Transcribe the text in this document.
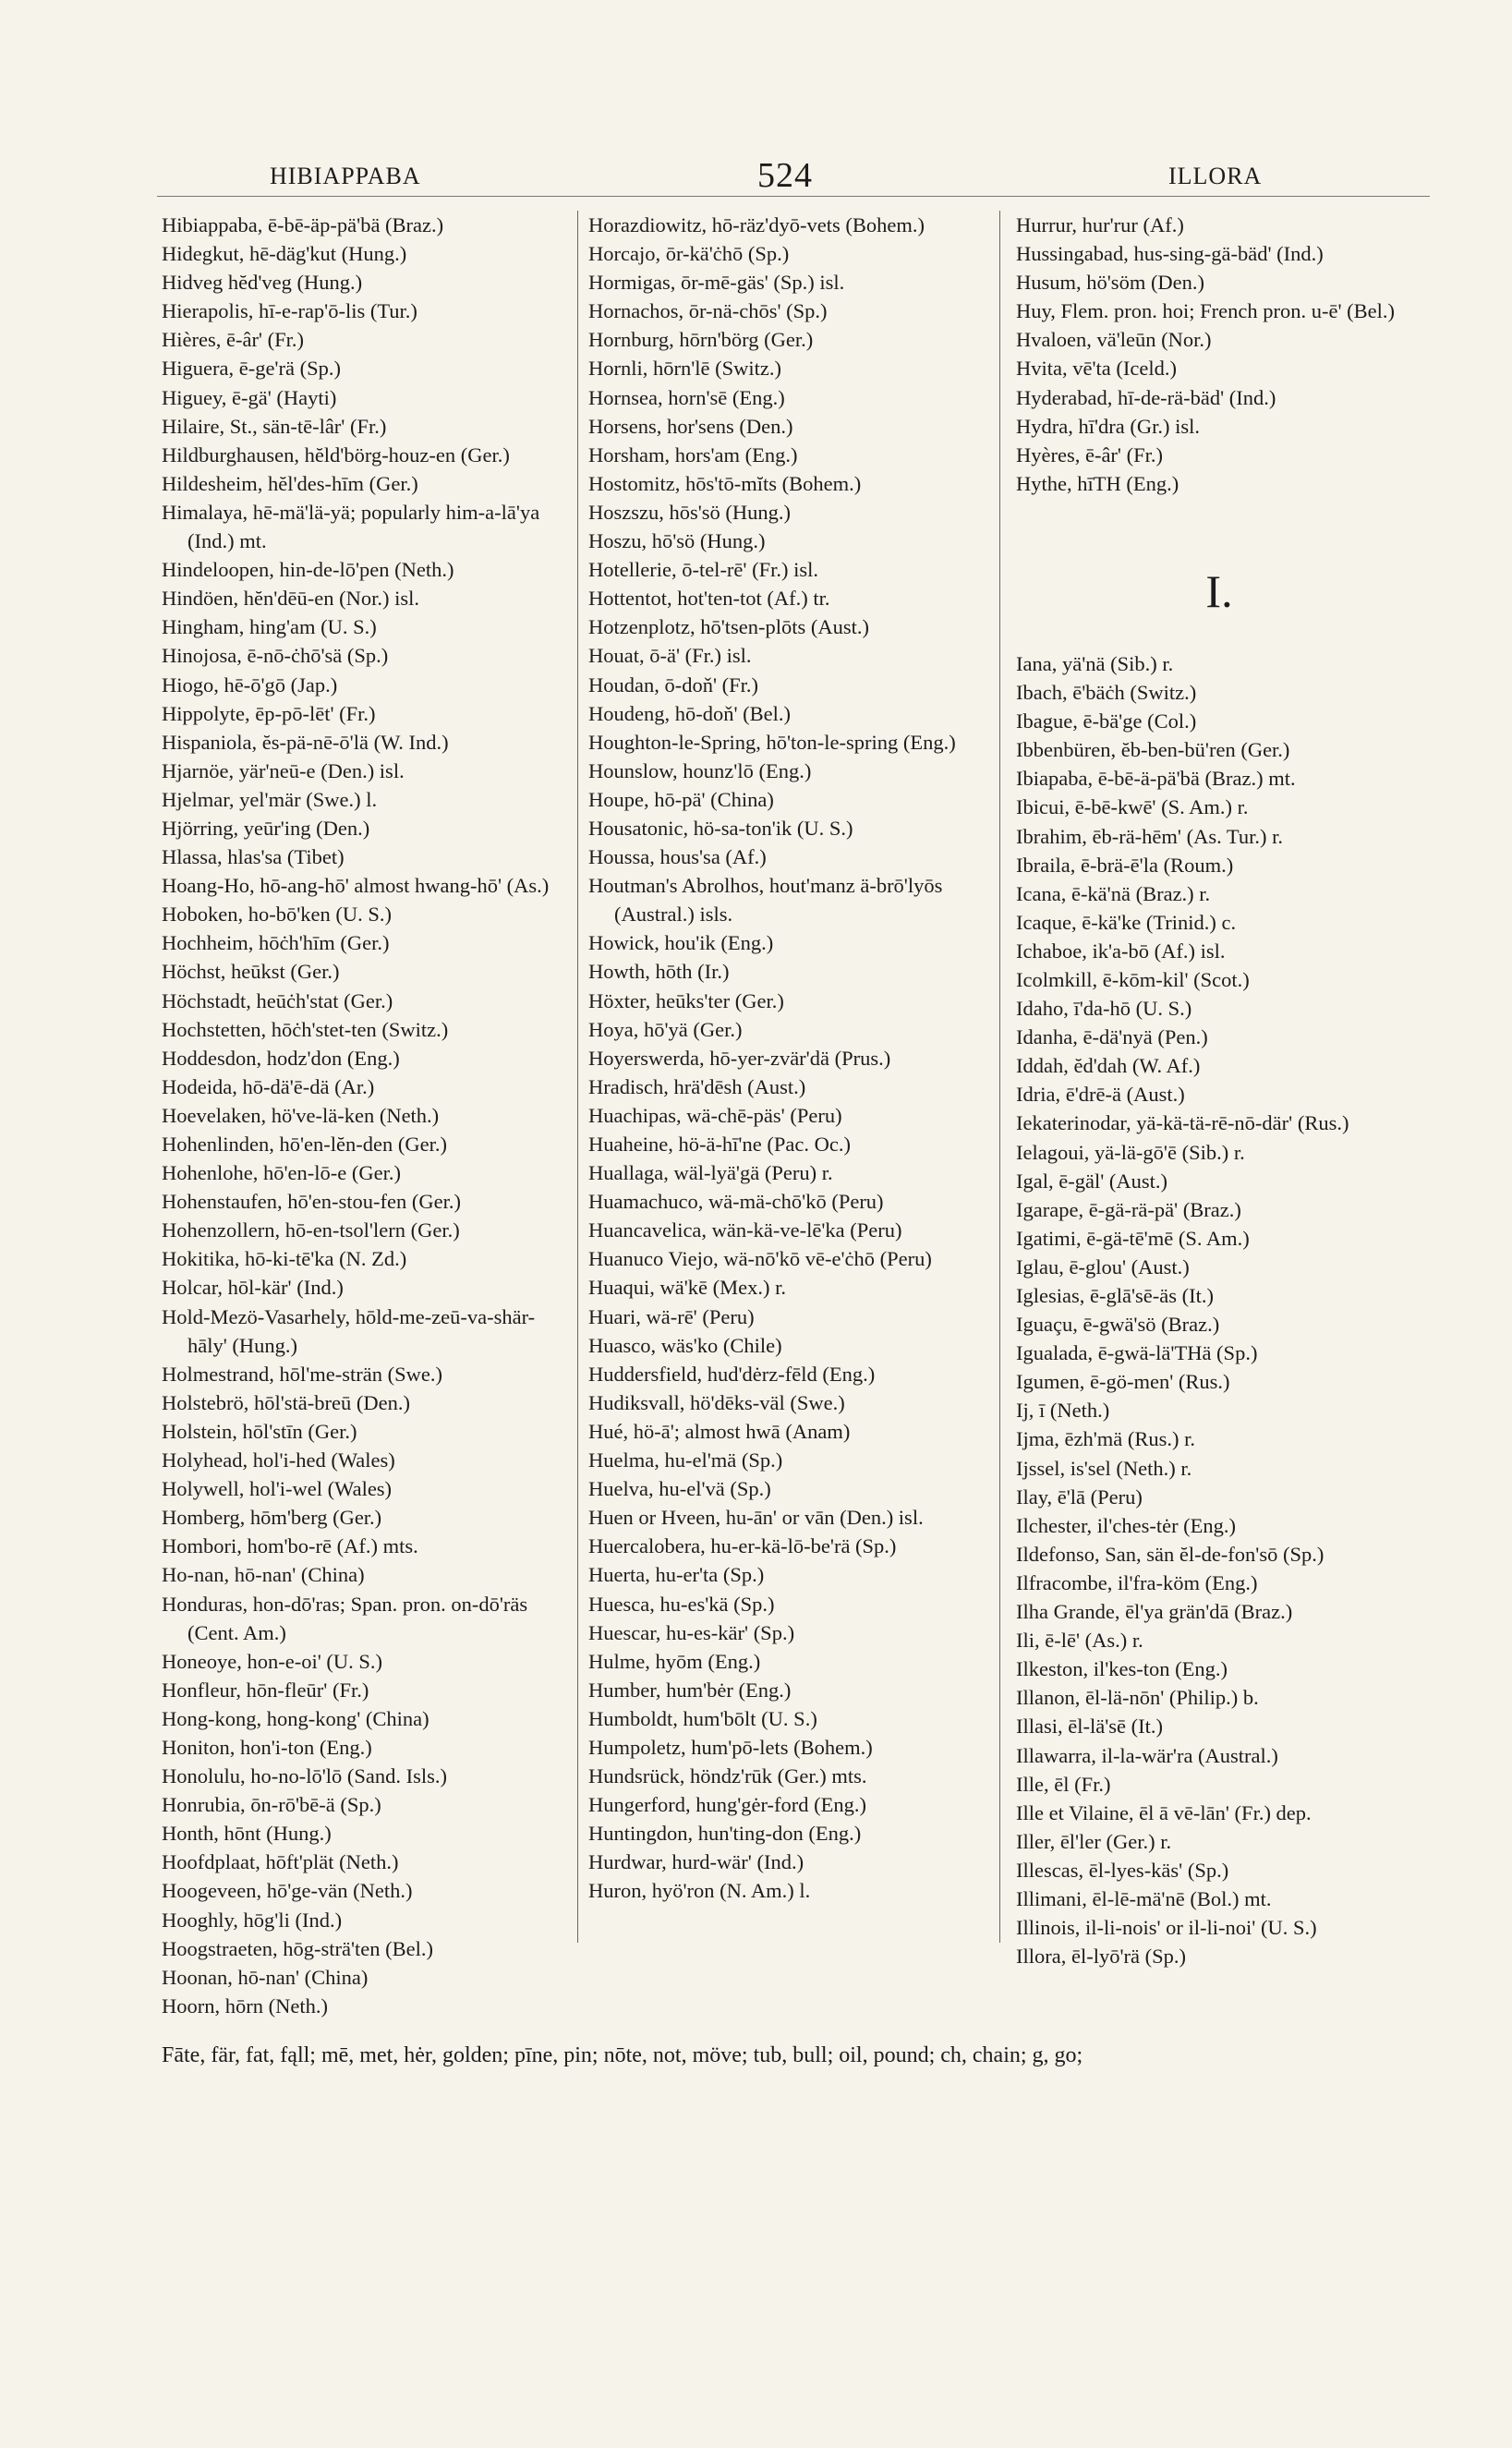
HIBIAPPABA	524	ILLORA
Hibiappaba, ē-bē-äp-pä'bä (Braz.)
Hidegkut, hē-däg'kut (Hung.)
Hidveg hĕd'veg (Hung.)
Hierapolis, hī-e-rap'ō-lis (Tur.)
Hières, ē-âr' (Fr.)
Higuera, ē-ge'rä (Sp.)
Higuey, ē-gä' (Hayti)
Hilaire, St., sän-tē-lâr' (Fr.)
Hildburghausen, hĕld'börg-houz-en (Ger.)
Hildesheim, hĕl'des-hīm (Ger.)
Himalaya, hē-mä'lä-yä; popularly him-a-lā'ya (Ind.) mt.
Hindeloopen, hin-de-lō'pen (Neth.)
Hindöen, hĕn'dēū-en (Nor.) isl.
Hingham, hing'am (U. S.)
Hinojosa, ē-nō-ċhō'sä (Sp.)
Hiogo, hē-ō'gō (Jap.)
Hippolyte, ēp-pō-lēt' (Fr.)
Hispaniola, ĕs-pä-nē-ō'lä (W. Ind.)
Hjarnöe, yär'neū-e (Den.) isl.
Hjelmar, yel'mär (Swe.) l.
Hjörring, yeūr'ing (Den.)
Hlassa, hlas'sa (Tibet)
Hoang-Ho, hō-ang-hō' almost hwang-hō' (As.)
Hoboken, ho-bō'ken (U. S.)
Hochheim, hōċh'hīm (Ger.)
Höchst, heūkst (Ger.)
Höchstadt, heūċh'stat (Ger.)
Hochstetten, hōċh'stet-ten (Switz.)
Hoddesdon, hodz'don (Eng.)
Hodeida, hō-dä'ē-dä (Ar.)
Hoevelaken, hö've-lä-ken (Neth.)
Hohenlinden, hō'en-lĕn-den (Ger.)
Hohenlohe, hō'en-lō-e (Ger.)
Hohenstaufen, hō'en-stou-fen (Ger.)
Hohenzollern, hō-en-tsol'lern (Ger.)
Hokitika, hō-ki-tē'ka (N. Zd.)
Holcar, hōl-kär' (Ind.)
Hold-Mezö-Vasarhely, hōld-me-zeū-va-shär-hāly' (Hung.)
Holmestrand, hōl'me-strän (Swe.)
Holstebrö, hōl'stä-breū (Den.)
Holstein, hōl'stīn (Ger.)
Holyhead, hol'i-hed (Wales)
Holywell, hol'i-wel (Wales)
Homberg, hōm'berg (Ger.)
Hombori, hom'bo-rē (Af.) mts.
Ho-nan, hō-nan' (China)
Honduras, hon-dō'ras; Span. pron. on-dō'räs (Cent. Am.)
Honeoye, hon-e-oi' (U. S.)
Honfleur, hōn-fleūr' (Fr.)
Hong-kong, hong-kong' (China)
Honiton, hon'i-ton (Eng.)
Honolulu, ho-no-lō'lō (Sand. Isls.)
Honrubia, ōn-rō'bē-ä (Sp.)
Honth, hōnt (Hung.)
Hoofdplaat, hōft'plät (Neth.)
Hoogeveen, hō'ge-vän (Neth.)
Hooghly, hōg'li (Ind.)
Hoogstraeten, hōg-strä'ten (Bel.)
Hoonan, hō-nan' (China)
Hoorn, hōrn (Neth.)
Horazdiowitz, hō-räz'dyō-vets (Bohem.)
Horcajo, ōr-kä'ċhō (Sp.)
Hormigas, ōr-mē-gäs' (Sp.) isl.
Hornachos, ōr-nä-chōs' (Sp.)
Hornburg, hōrn'börg (Ger.)
Hornli, hōrn'lē (Switz.)
Hornsea, horn'sē (Eng.)
Horsens, hor'sens (Den.)
Horsham, hors'am (Eng.)
Hostomitz, hōs'tō-mĭts (Bohem.)
Hoszszu, hōs'sö (Hung.)
Hoszu, hō'sö (Hung.)
Hotellerie, ō-tel-rē' (Fr.) isl.
Hottentot, hot'ten-tot (Af.) tr.
Hotzenplotz, hō'tsen-plōts (Aust.)
Houat, ō-ä' (Fr.) isl.
Houdan, ō-doň' (Fr.)
Houdeng, hō-doň' (Bel.)
Houghton-le-Spring, hō'ton-le-spring (Eng.)
Hounslow, hounz'lō (Eng.)
Houpe, hō-pä' (China)
Housatonic, hö-sa-ton'ik (U. S.)
Houssa, hous'sa (Af.)
Houtman's Abrolhos, hout'manz ä-brō'lyōs (Austral.) isls.
Howick, hou'ik (Eng.)
Howth, hōth (Ir.)
Höxter, heūks'ter (Ger.)
Hoya, hō'yä (Ger.)
Hoyerswerda, hō-yer-zvär'dä (Prus.)
Hradisch, hrä'dēsh (Aust.)
Huachipas, wä-chē-päs' (Peru)
Huaheine, hö-ä-hī'ne (Pac. Oc.)
Huallaga, wäl-lyä'gä (Peru) r.
Huamachuco, wä-mä-chō'kō (Peru)
Huancavelica, wän-kä-ve-lē'ka (Peru)
Huanuco Viejo, wä-nō'kō vē-e'ċhō (Peru)
Huaqui, wä'kē (Mex.) r.
Huari, wä-rē' (Peru)
Huasco, wäs'ko (Chile)
Huddersfield, hud'dėrz-fēld (Eng.)
Hudiksvall, hö'dēks-väl (Swe.)
Hué, hö-ā'; almost hwā (Anam)
Huelma, hu-el'mä (Sp.)
Huelva, hu-el'vä (Sp.)
Huen or Hveen, hu-ān' or vān (Den.) isl.
Huercalobera, hu-er-kä-lō-be'rä (Sp.)
Huerta, hu-er'ta (Sp.)
Huesca, hu-es'kä (Sp.)
Huescar, hu-es-kär' (Sp.)
Hulme, hyōm (Eng.)
Humber, hum'bėr (Eng.)
Humboldt, hum'bōlt (U. S.)
Humpoletz, hum'pō-lets (Bohem.)
Hundsrück, höndz'rūk (Ger.) mts.
Hungerford, hung'gėr-ford (Eng.)
Huntingdon, hun'ting-don (Eng.)
Hurdwar, hurd-wär' (Ind.)
Huron, hyö'ron (N. Am.) l.
Hurrur, hur'rur (Af.)
Hussingabad, hus-sing-gä-bäd' (Ind.)
Husum, hö'söm (Den.)
Huy, Flem. pron. hoi; French pron. u-ē' (Bel.)
Hvaloen, vä'leūn (Nor.)
Hvita, vē'ta (Iceld.)
Hyderabad, hī-de-rä-bäd' (Ind.)
Hydra, hī'dra (Gr.) isl.
Hyères, ē-âr' (Fr.)
Hythe, hīTH (Eng.)
I.
Iana, yä'nä (Sib.) r.
Ibach, ē'bäċh (Switz.)
Ibague, ē-bä'ge (Col.)
Ibbenbüren, ĕb-ben-bü'ren (Ger.)
Ibiapaba, ē-bē-ä-pä'bä (Braz.) mt.
Ibicui, ē-bē-kwē' (S. Am.) r.
Ibrahim, ēb-rä-hēm' (As. Tur.) r.
Ibraila, ē-brä-ē'la (Roum.)
Icana, ē-kä'nä (Braz.) r.
Icaque, ē-kä'ke (Trinid.) c.
Ichaboe, ik'a-bō (Af.) isl.
Icolmkill, ē-kōm-kil' (Scot.)
Idaho, ī'da-hō (U. S.)
Idanha, ē-dä'nyä (Pen.)
Iddah, ĕd'dah (W. Af.)
Idria, ē'drē-ä (Aust.)
Iekaterinodar, yä-kä-tä-rē-nō-där' (Rus.)
Ielagoui, yä-lä-gō'ē (Sib.) r.
Igal, ē-gäl' (Aust.)
Igarape, ē-gä-rä-pä' (Braz.)
Igatimi, ē-gä-tē'mē (S. Am.)
Iglau, ē-glou' (Aust.)
Iglesias, ē-glā'sē-äs (It.)
Iguaçu, ē-gwä'sö (Braz.)
Igualada, ē-gwä-lä'THä (Sp.)
Igumen, ē-gö-men' (Rus.)
Ij, ī (Neth.)
Ijma, ēzh'mä (Rus.) r.
Ijssel, is'sel (Neth.) r.
Ilay, ē'lā (Peru)
Ilchester, il'ches-tėr (Eng.)
Ildefonso, San, sän ĕl-de-fon'sō (Sp.)
Ilfracombe, il'fra-köm (Eng.)
Ilha Grande, ēl'ya grän'dā (Braz.)
Ili, ē-lē' (As.) r.
Ilkeston, il'kes-ton (Eng.)
Illanon, ēl-lä-nōn' (Philip.) b.
Illasi, ēl-lä'sē (It.)
Illawarra, il-la-wär'ra (Austral.)
Ille, ēl (Fr.)
Ille et Vilaine, ēl ā vē-lān' (Fr.) dep.
Iller, ēl'ler (Ger.) r.
Illescas, ēl-lyes-käs' (Sp.)
Illimani, ēl-lē-mä'nē (Bol.) mt.
Illinois, il-li-nois' or il-li-noi' (U. S.)
Illora, ēl-lyō'rä (Sp.)
Fāte, fär, fat, fąll; mē, met, hėr, golden; pīne, pin; nōte, not, möve; tub, bull; oil, pound; ch, chain; g, go;
